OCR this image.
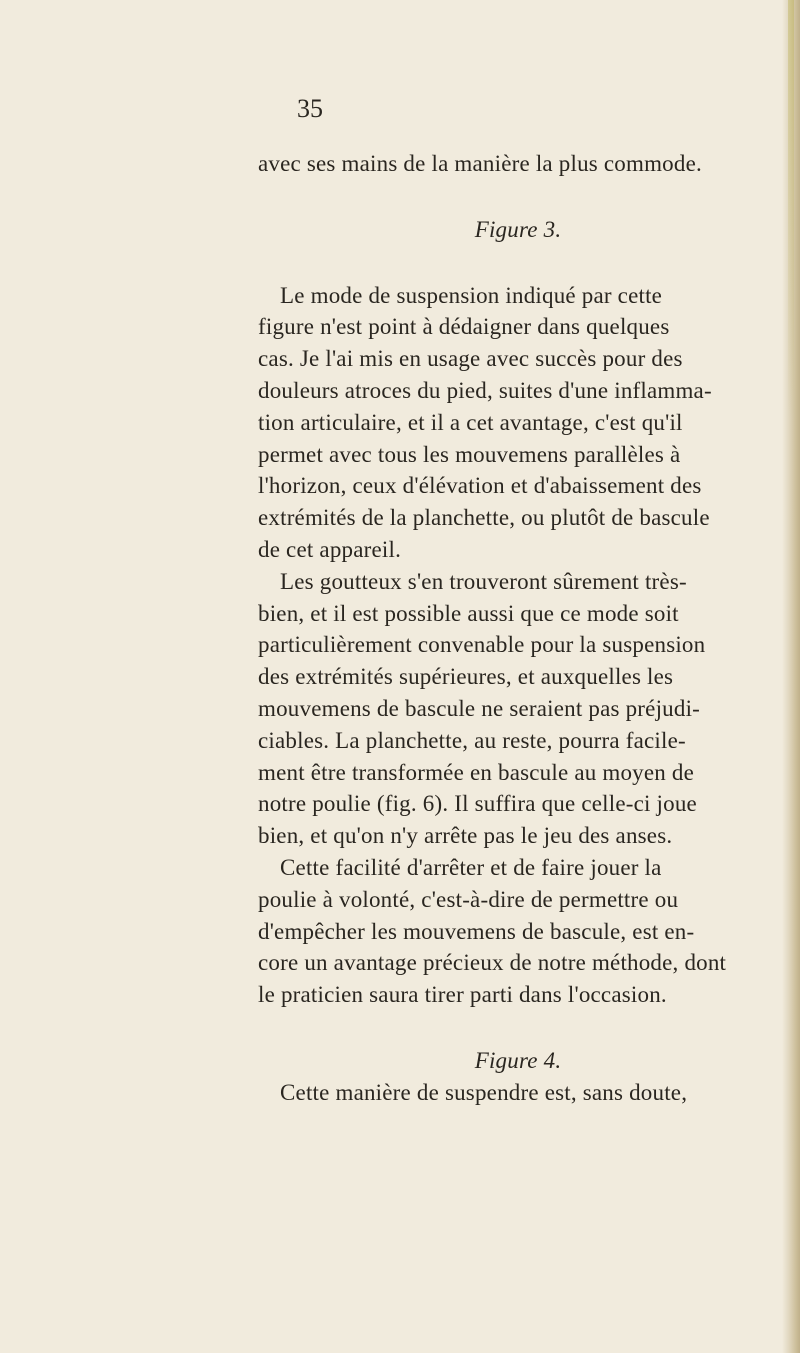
35
avec ses mains de la manière la plus commode.
Figure 3.
Le mode de suspension indiqué par cette
figure n'est point à dédaigner dans quelques
cas. Je l'ai mis en usage avec succès pour des
douleurs atroces du pied, suites d'une inflamma-
tion articulaire, et il a cet avantage, c'est qu'il
permet avec tous les mouvemens parallèles à
l'horizon, ceux d'élévation et d'abaissement des
extrémités de la planchette, ou plutôt de bascule
de cet appareil.
Les goutteux s'en trouveront sûrement très-
bien, et il est possible aussi que ce mode soit
particulièrement convenable pour la suspension
des extrémités supérieures, et auxquelles les
mouvemens de bascule ne seraient pas préjudi-
ciables. La planchette, au reste, pourra facile-
ment être transformée en bascule au moyen de
notre poulie (fig. 6). Il suffira que celle-ci joue
bien, et qu'on n'y arrête pas le jeu des anses.
Cette facilité d'arrêter et de faire jouer la
poulie à volonté, c'est-à-dire de permettre ou
d'empêcher les mouvemens de bascule, est en-
core un avantage précieux de notre méthode, dont
le praticien saura tirer parti dans l'occasion.
Figure 4.
Cette manière de suspendre est, sans doute,
